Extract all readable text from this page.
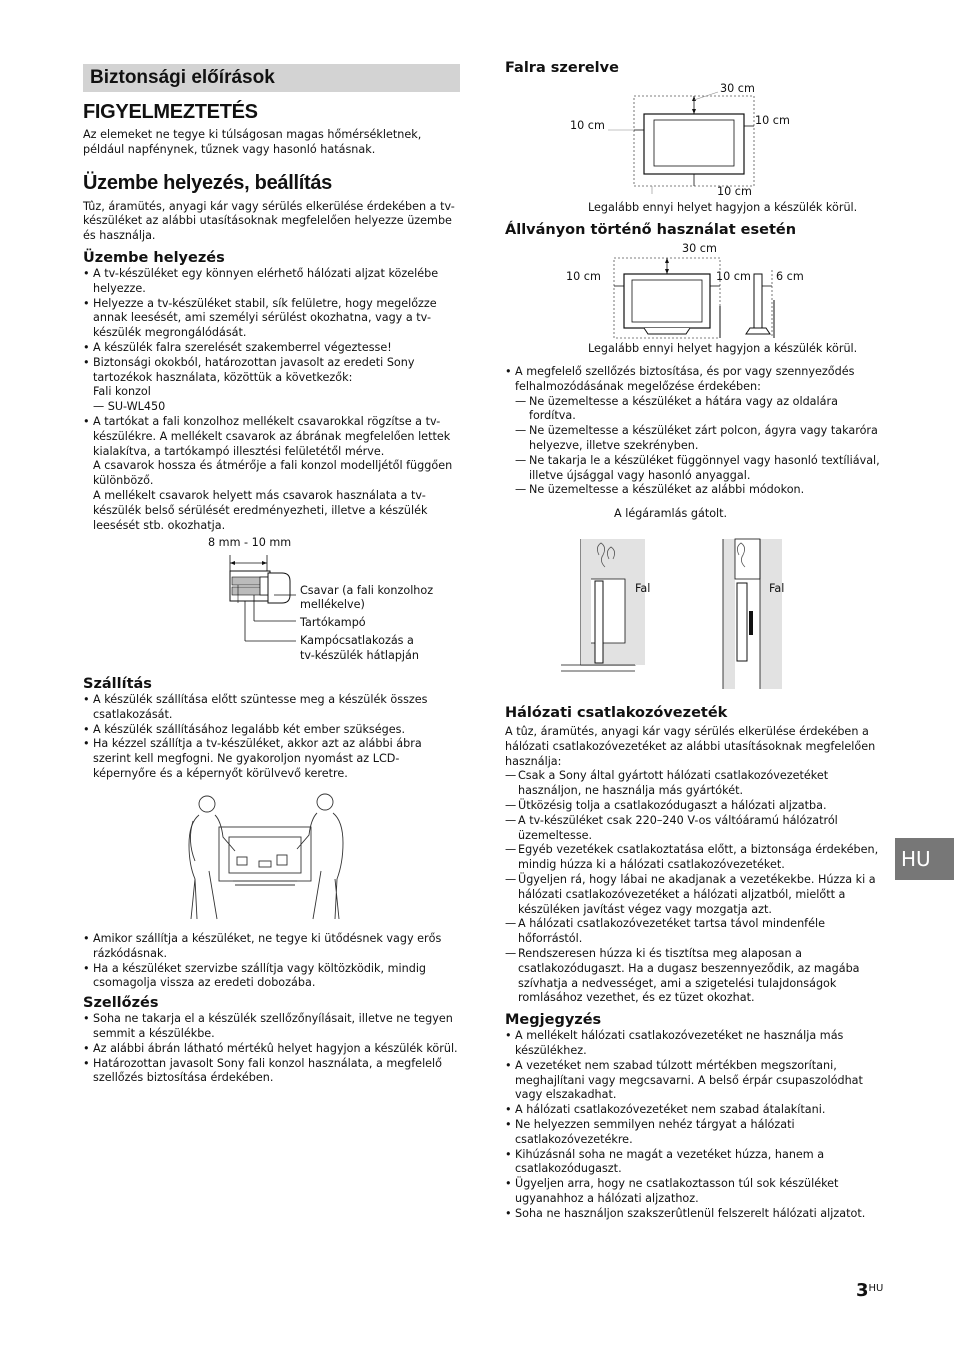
Biztonsági előírások
FIGYELMEZTETÉS
Az elemeket ne tegye ki túlságosan magas hőmérsékletnek, például napfénynek, tűznek vagy hasonló hatásnak.
Üzembe helyezés, beállítás
Tûz, áramütés, anyagi kár vagy sérülés elkerülése érdekében a tv-készüléket az alábbi utasításoknak megfelelően helyezze üzembe és használja.
Üzembe helyezés
• A tv-készüléket egy könnyen elérhető hálózati aljzat közelébe helyezze.
• Helyezze a tv-készüléket stabil, sík felületre, hogy megelőzze annak leesését, ami személyi sérülést okozhatna, vagy a tv-készülék megrongálódását.
• A készülék falra szerelését szakemberrel végeztesse!
• Biztonsági okokból, határozottan javasolt az eredeti Sony tartozékok használata, közöttük a következők:
Fali konzol
— SU-WL450
• A tartókat a fali konzolhoz mellékelt csavarokkal rögzítse a tv-készülékre. A mellékelt csavarok az ábrának megfelelően lettek kialakítva, a tartókampó illesztési felületétől mérve.
A csavarok hossza és átmérője a fali konzol modelljétől függően különböző.
A mellékelt csavarok helyett más csavarok használata a tv-készülék belső sérülését eredményezheti, illetve a készülék leesését stb. okozhatja.
8 mm - 10 mm
Csavar (a fali konzolhoz
mellékelve)
Tartókampó
Kampócsatlakozás a
tv-készülék hátlapján
Szállítás
• A készülék szállítása előtt szüntesse meg a készülék összes csatlakozását.
• A készülék szállításához legalább két ember szükséges.
• Ha kézzel szállítja a tv-készüléket, akkor azt az alábbi ábra szerint kell megfogni. Ne gyakoroljon nyomást az LCD-képernyőre és a képernyőt körülvevő keretre.
• Amikor szállítja a készüléket, ne tegye ki ütődésnek vagy erős rázkódásnak.
• Ha a készüléket szervizbe szállítja vagy költözködik, mindig csomagolja vissza az eredeti dobozába.
Szellőzés
• Soha ne takarja el a készülék szellőzőnyílásait, illetve ne tegyen semmit a készülékbe.
• Az alábbi ábrán látható mértékû helyet hagyjon a készülék körül.
• Határozottan javasolt Sony fali konzol használata, a megfelelő szellőzés biztosítása érdekében.
Falra szerelve
30 cm
10 cm	10 cm
10 cm
Legalább ennyi helyet hagyjon a készülék körül.
Állványon történő használat esetén
30 cm
10 cm	10 cm 6 cm
Legalább ennyi helyet hagyjon a készülék körül.
• A megfelelő szellőzés biztosítása, és por vagy szennyeződés felhalmozódásának megelőzése érdekében:
— Ne üzemeltesse a készüléket a hátára vagy az oldalára fordítva.
— Ne üzemeltesse a készüléket zárt polcon, ágyra vagy takaróra helyezve, illetve szekrényben.
— Ne takarja le a készüléket függönnyel vagy hasonló textíliával, illetve újsággal vagy hasonló anyaggal.
— Ne üzemeltesse a készüléket az alábbi módokon.
A légáramlás gátolt.
Fal	Fal
Hálózati csatlakozóvezeték
A tûz, áramütés, anyagi kár vagy sérülés elkerülése érdekében a hálózati csatlakozóvezetéket az alábbi utasításoknak megfelelően használja:
— Csak a Sony által gyártott hálózati csatlakozóvezetéket használjon, ne használja más gyártókét.
— Ütközésig tolja a csatlakozódugaszt a hálózati aljzatba.
— A tv-készüléket csak 220–240 V-os váltóáramú hálózatról üzemeltesse.
— Egyéb vezetékek csatlakoztatása előtt, a biztonsága érdekében, mindig húzza ki a hálózati csatlakozóvezetéket.
— Ügyeljen rá, hogy lábai ne akadjanak a vezetékekbe. Húzza ki a hálózati csatlakozóvezetéket a hálózati aljzatból, mielőtt a készüléken javítást végez vagy mozgatja azt.
— A hálózati csatlakozóvezetéket tartsa távol mindenféle hőforrástól.
— Rendszeresen húzza ki és tisztítsa meg alaposan a csatlakozódugaszt. Ha a dugasz beszennyeződik, az magába szívhatja a nedvességet, ami a szigetelési tulajdonságok romlásához vezethet, és ez tüzet okozhat.
Megjegyzés
• A mellékelt hálózati csatlakozóvezetéket ne használja más készülékhez.
• A vezetéket nem szabad túlzott mértékben megszorítani, meghajlítani vagy megcsavarni. A belső érpár csupaszolódhat vagy elszakadhat.
• A hálózati csatlakozóvezetéket nem szabad átalakítani.
• Ne helyezzen semmilyen nehéz tárgyat a hálózati csatlakozóvezetékre.
• Kihúzásnál soha ne magát a vezetéket húzza, hanem a csatlakozódugaszt.
• Ügyeljen arra, hogy ne csatlakoztasson túl sok készüléket ugyanahhoz a hálózati aljzathoz.
• Soha ne használjon szakszerûtlenül felszerelt hálózati aljzatot.
HU
$3^{HU}$
